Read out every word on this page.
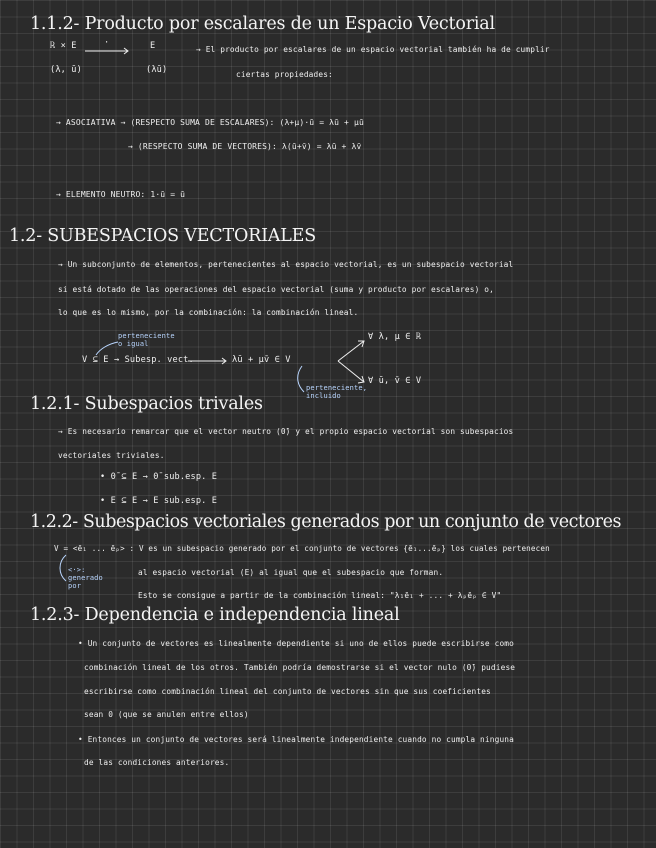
1.1.2- Producto por escalares de un Espacio Vectorial
ℝ × E	·	E
(λ, ū)	(λū)
→ El producto por escalares de un espacio vectorial también ha de cumplir
ciertas propiedades:
→ ASOCIATIVA → (RESPECTO SUMA DE ESCALARES): (λ+μ)·ū = λū + μū
→ (RESPECTO SUMA DE VECTORES): λ(ū+v̄) = λū + λv̄
→ ELEMENTO NEUTRO: 1·ū = ū
1.2- SUBESPACIOS VECTORIALES
→ Un subconjunto de elementos, pertenecientes al espacio vectorial, es un subespacio vectorial
si está dotado de las operaciones del espacio vectorial (suma y producto por escalares) o,
lo que es lo mismo, por la combinación: la combinación lineal.
perteneciente
o igual
V ⊆ E → Subesp. vect.	λū + μv̄ ∈ V
∀ λ, μ ∈ ℝ
∀ ū, v̄ ∈ V
perteneciente,
incluido
1.2.1- Subespacios trivales
→ Es necesario remarcar que el vector neutro (0̄) y el propio espacio vectorial son subespacios
vectoriales triviales.
• 0̄ ⊆ E → 0̄ sub.esp. E
• E ⊆ E → E sub.esp. E
1.2.2- Subespacios vectoriales generados por un conjunto de vectores
V = <ē₁ ... ēₚ> : V es un subespacio generado por el conjunto de vectores {ē₁...ēₚ} los cuales pertenecen
al espacio vectorial (E) al igual que el subespacio que forman.
Esto se consigue a partir de la combinación lineal: "λ₁ē₁ + ... + λₚēₚ ∈ V"
<·>:
generado
por
1.2.3- Dependencia e independencia lineal
• Un conjunto de vectores es linealmente dependiente si uno de ellos puede escribirse como
combinación lineal de los otros. También podría demostrarse si el vector nulo (0̄) pudiese
escribirse como combinación lineal del conjunto de vectores sin que sus coeficientes
sean 0 (que se anulen entre ellos)
• Entonces un conjunto de vectores será linealmente independiente cuando no cumpla ninguna
de las condiciones anteriores.
